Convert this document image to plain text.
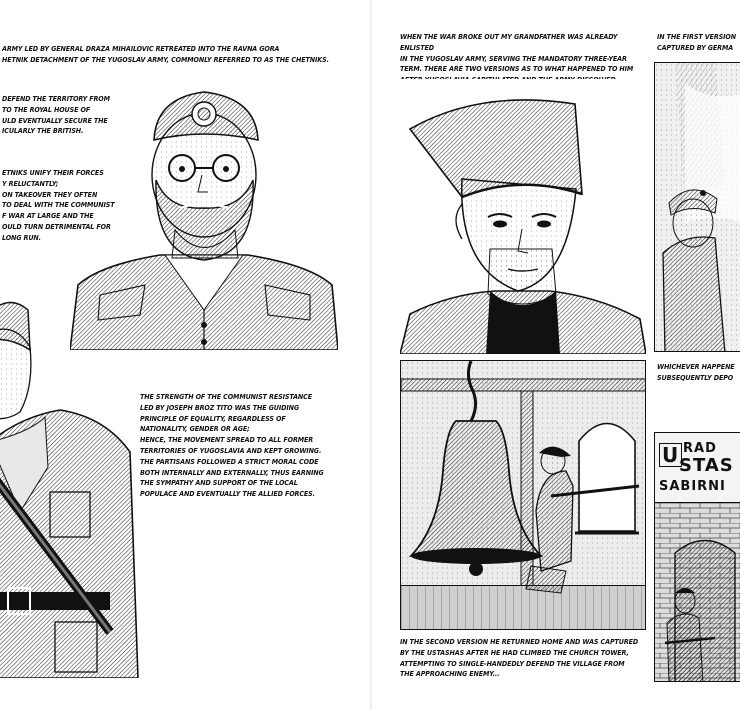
ARMY LED BY GENERAL DRAZA MIHAILOVIC RETREATED INTO THE RAVNA GORA
HETNIK DETACHMENT OF THE YUGOSLAV ARMY, COMMONLY REFERRED TO AS THE CHETNIKS.
DEFEND THE TERRITORY FROM
TO THE ROYAL HOUSE OF
ULD EVENTUALLY SECURE THE
ICULARLY THE BRITISH.
ETNIKS UNIFY THEIR FORCES
Y RELUCTANTLY;
ON TAKEOVER THEY OFTEN
TO DEAL WITH THE COMMUNIST
F WAR AT LARGE AND THE
OULD TURN DETRIMENTAL FOR
LONG RUN.
THE STRENGTH OF THE COMMUNIST RESISTANCE
LED BY JOSEPH BROZ TITO WAS THE GUIDING
PRINCIPLE OF EQUALITY, REGARDLESS OF
NATIONALITY, GENDER OR AGE;
HENCE, THE MOVEMENT SPREAD TO ALL FORMER
TERRITORIES OF YUGOSLAVIA AND KEPT GROWING.
THE PARTISANS FOLLOWED A STRICT MORAL CODE
BOTH INTERNALLY AND EXTERNALLY, THUS EARNING
THE SYMPATHY AND SUPPORT OF THE LOCAL
POPULACE AND EVENTUALLY THE ALLIED FORCES.
WHEN THE WAR BROKE OUT MY GRANDFATHER WAS ALREADY ENLISTED
IN THE YUGOSLAV ARMY, SERVING THE MANDATORY THREE-YEAR
TERM. THERE ARE TWO VERSIONS AS TO WHAT HAPPENED TO HIM

IN THE FIRST VERSION
CAPTURED BY GERMA
WHICHEVER HAPPENE
SUBSEQUENTLY DEPO
IN THE SECOND VERSION HE RETURNED HOME AND WAS CAPTURED
BY THE USTASHAS AFTER HE HAD CLIMBED THE CHURCH TOWER,
ATTEMPTING TO SINGLE-HANDEDLY DEFEND THE VILLAGE FROM
THE APPROACHING ENEMY...
U RAD
STAS
SABIRNI
